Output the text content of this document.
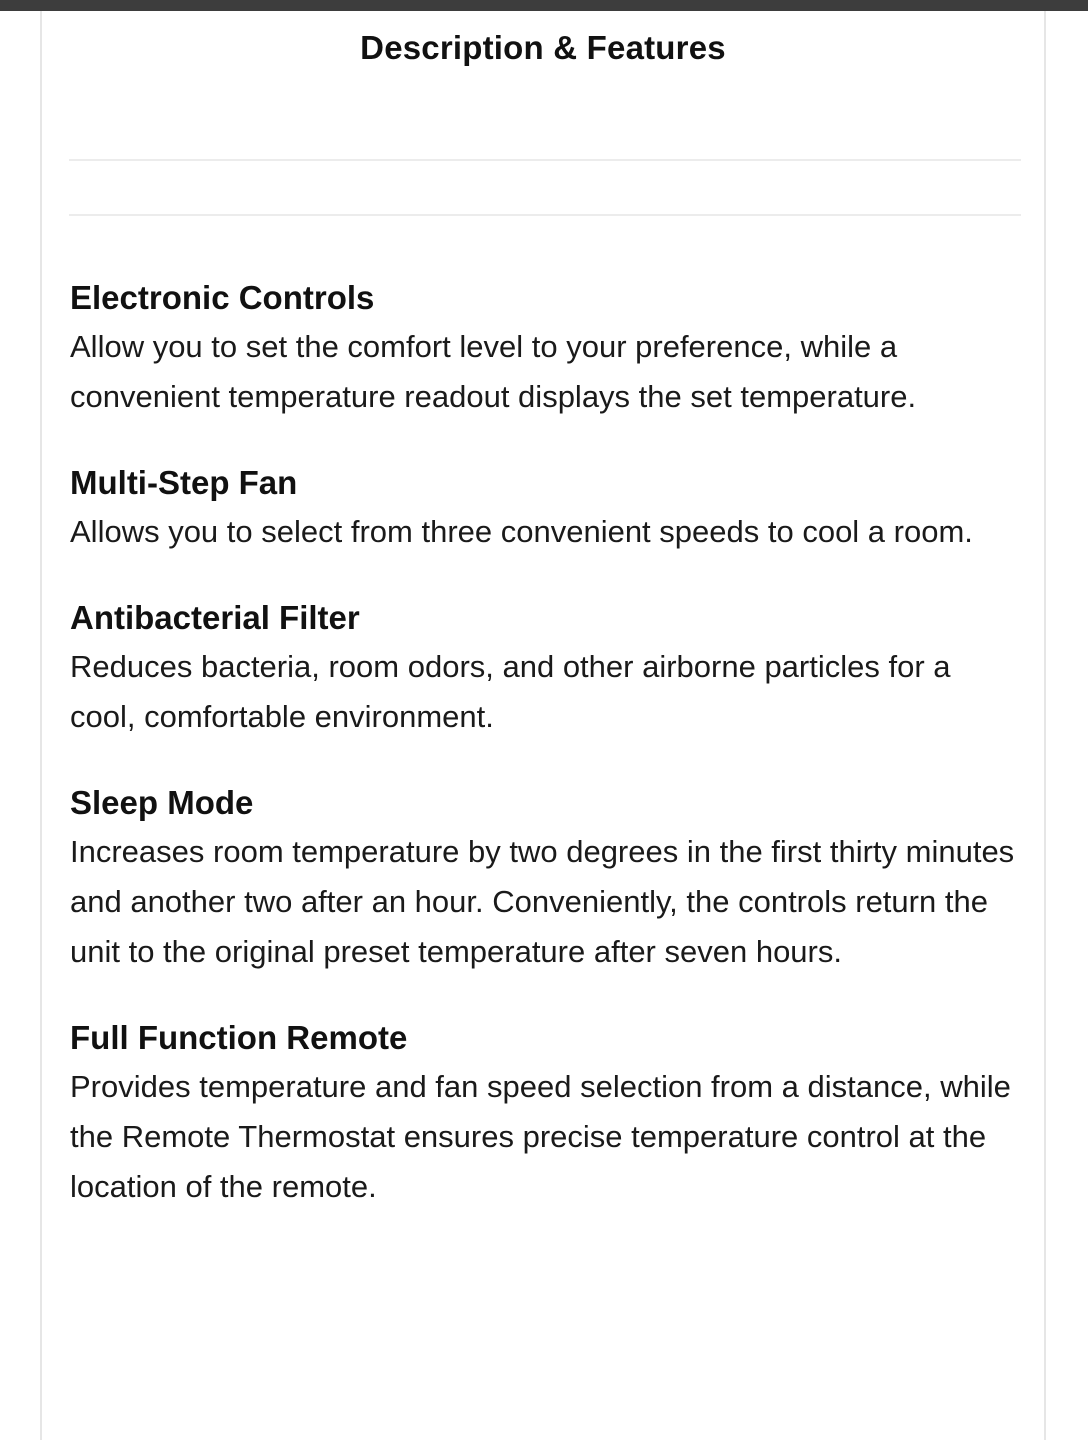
Description & Features
Electronic Controls

Allow you to set the comfort level to your preference, while a convenient temperature readout displays the set temperature.

Multi-Step Fan

Allows you to select from three convenient speeds to cool a room.

Antibacterial Filter

Reduces bacteria, room odors, and other airborne particles for a cool, comfortable environment.

Sleep Mode

Increases room temperature by two degrees in the first thirty minutes and another two after an hour. Conveniently, the controls return the unit to the original preset temperature after seven hours.

Full Function Remote

Provides temperature and fan speed selection from a distance, while the Remote Thermostat ensures precise temperature control at the location of the remote.
